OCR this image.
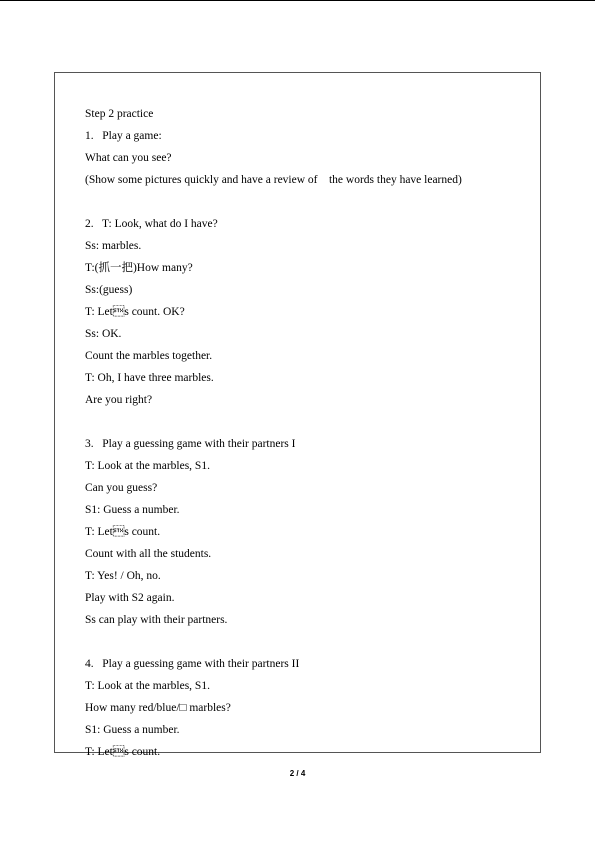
Step 2 practice
1.   Play a game:
What can you see?
(Show some pictures quickly and have a review of    the words they have learned)
2.   T: Look, what do I have?
Ss: marbles.
T:(抓一把)How many?
Ss:(guess)
T: Lets count. OK?
Ss: OK.
Count the marbles together.
T: Oh, I have three marbles.
Are you right?
3.   Play a guessing game with their partners I
T: Look at the marbles, S1.
Can you guess?
S1: Guess a number.
T: Lets count.
Count with all the students.
T: Yes! / Oh, no.
Play with S2 again.
Ss can play with their partners.
4.   Play a guessing game with their partners II
T: Look at the marbles, S1.
How many red/blue/□ marbles?
S1: Guess a number.
T: Lets count.
2 / 4
